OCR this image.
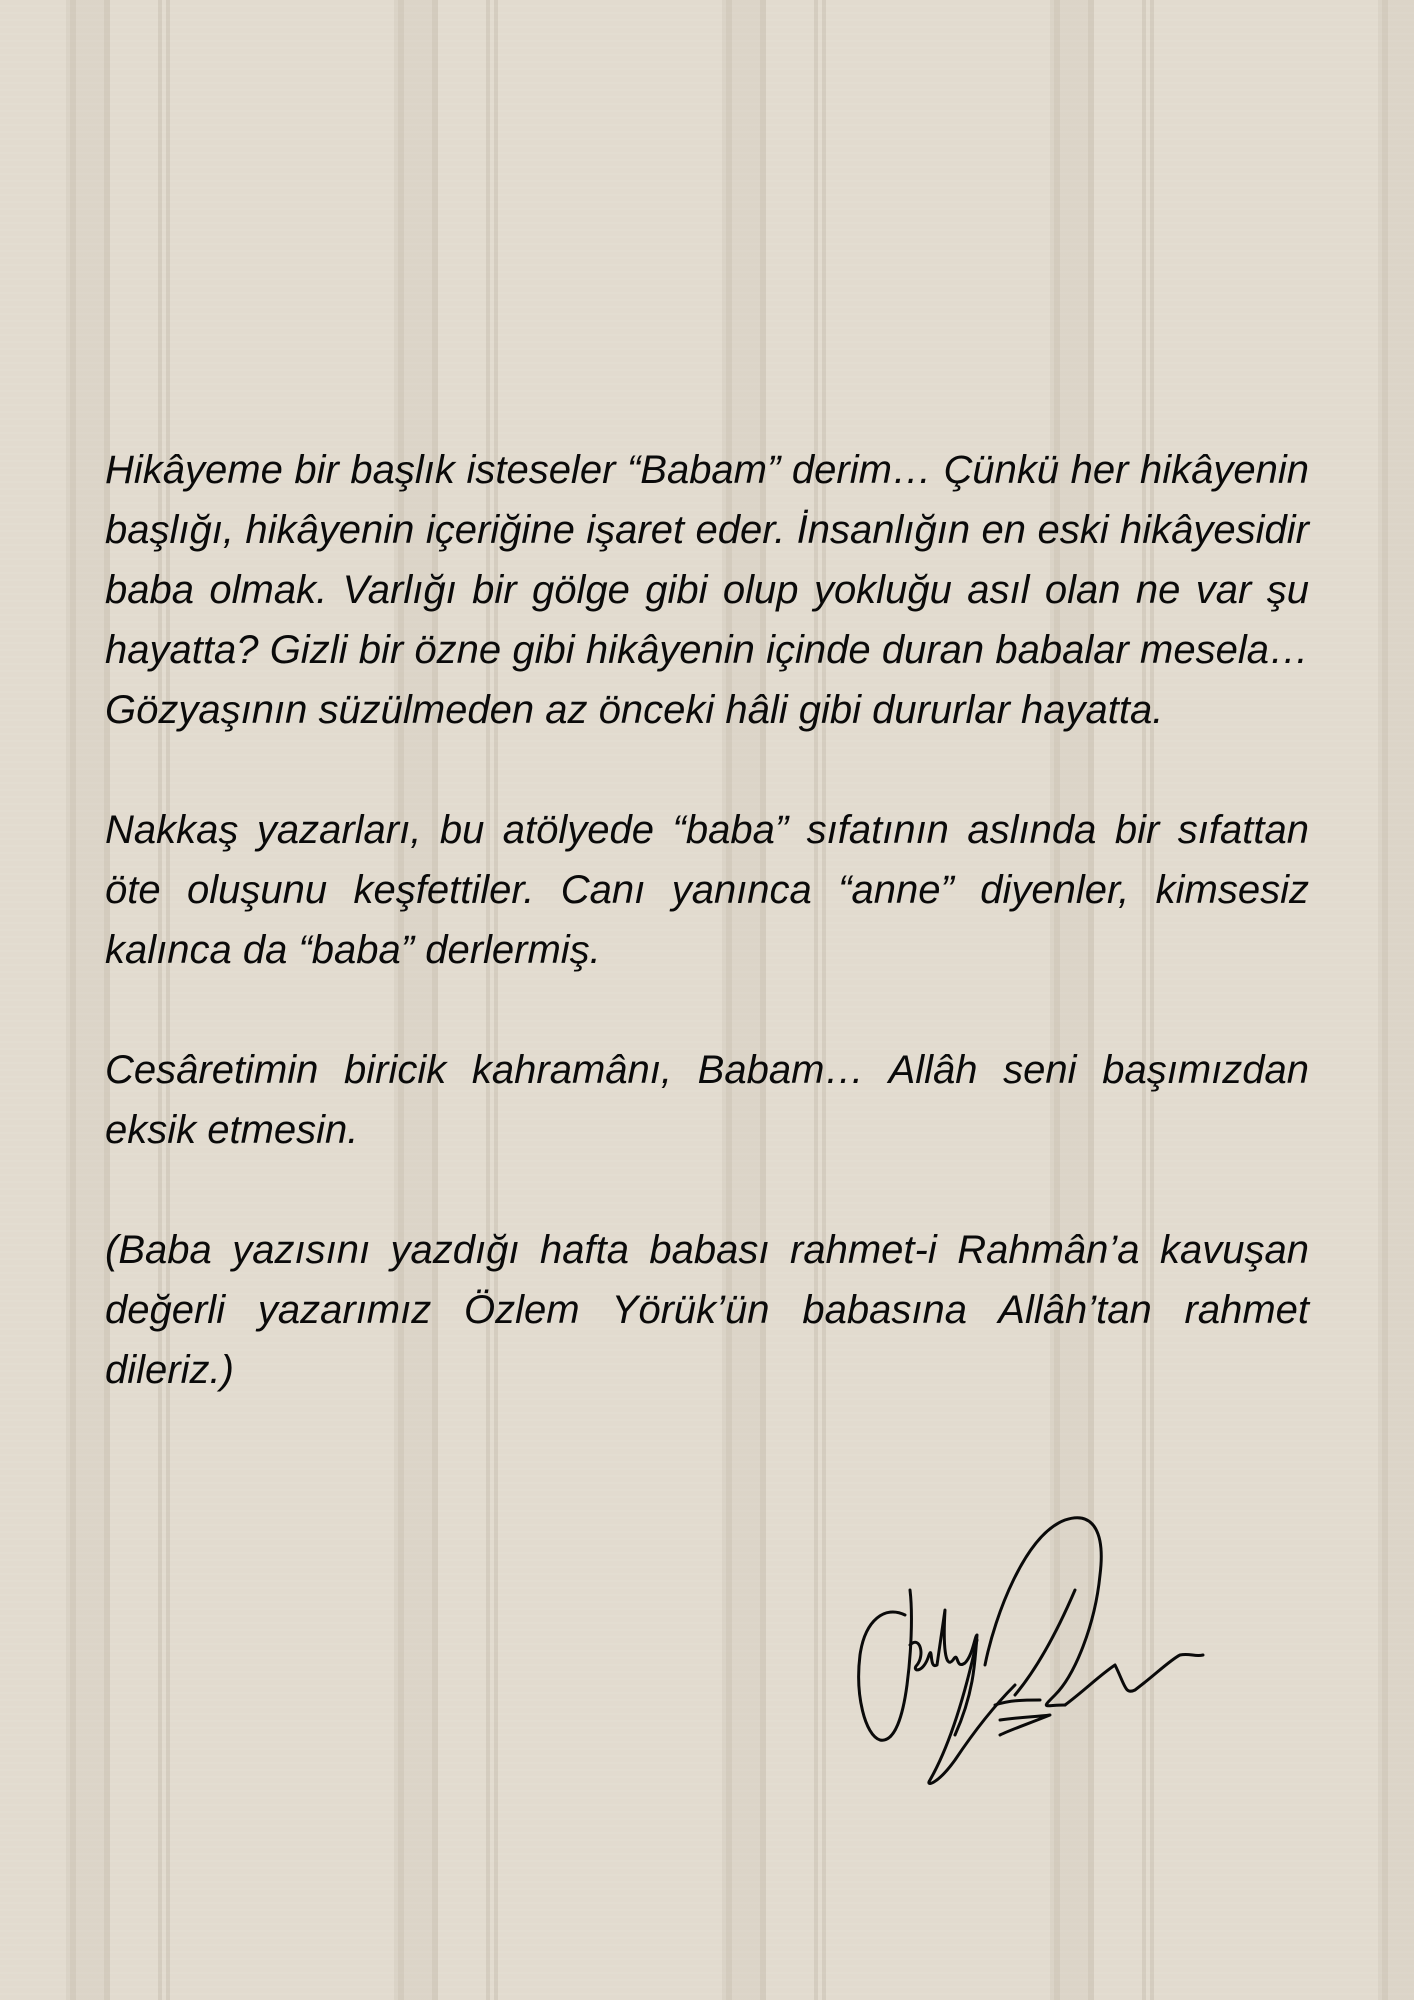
Hikâyeme bir başlık isteseler “Babam” derim… Çünkü her hikâyenin başlığı, hikâyenin içeriğine işaret eder. İnsanlığın en eski hikâyesidir baba olmak. Varlığı bir gölge gibi olup yokluğu asıl olan ne var şu hayatta? Gizli bir özne gibi hikâyenin içinde duran babalar mesela… Gözyaşının süzülmeden az önceki hâli gibi dururlar hayatta.

Nakkaş yazarları, bu atölyede “baba” sıfatının aslında bir sıfattan öte oluşunu keşfettiler. Canı yanınca “anne” diyenler, kimsesiz kalınca da “baba” derlermiş.

Cesâretimin biricik kahramânı, Babam… Allâh seni başımızdan eksik etmesin.

(Baba yazısını yazdığı hafta babası rahmet-i Rahmân’a kavuşan değerli yazarımız Özlem Yörük’ün babasına Allâh’tan rahmet dileriz.)
